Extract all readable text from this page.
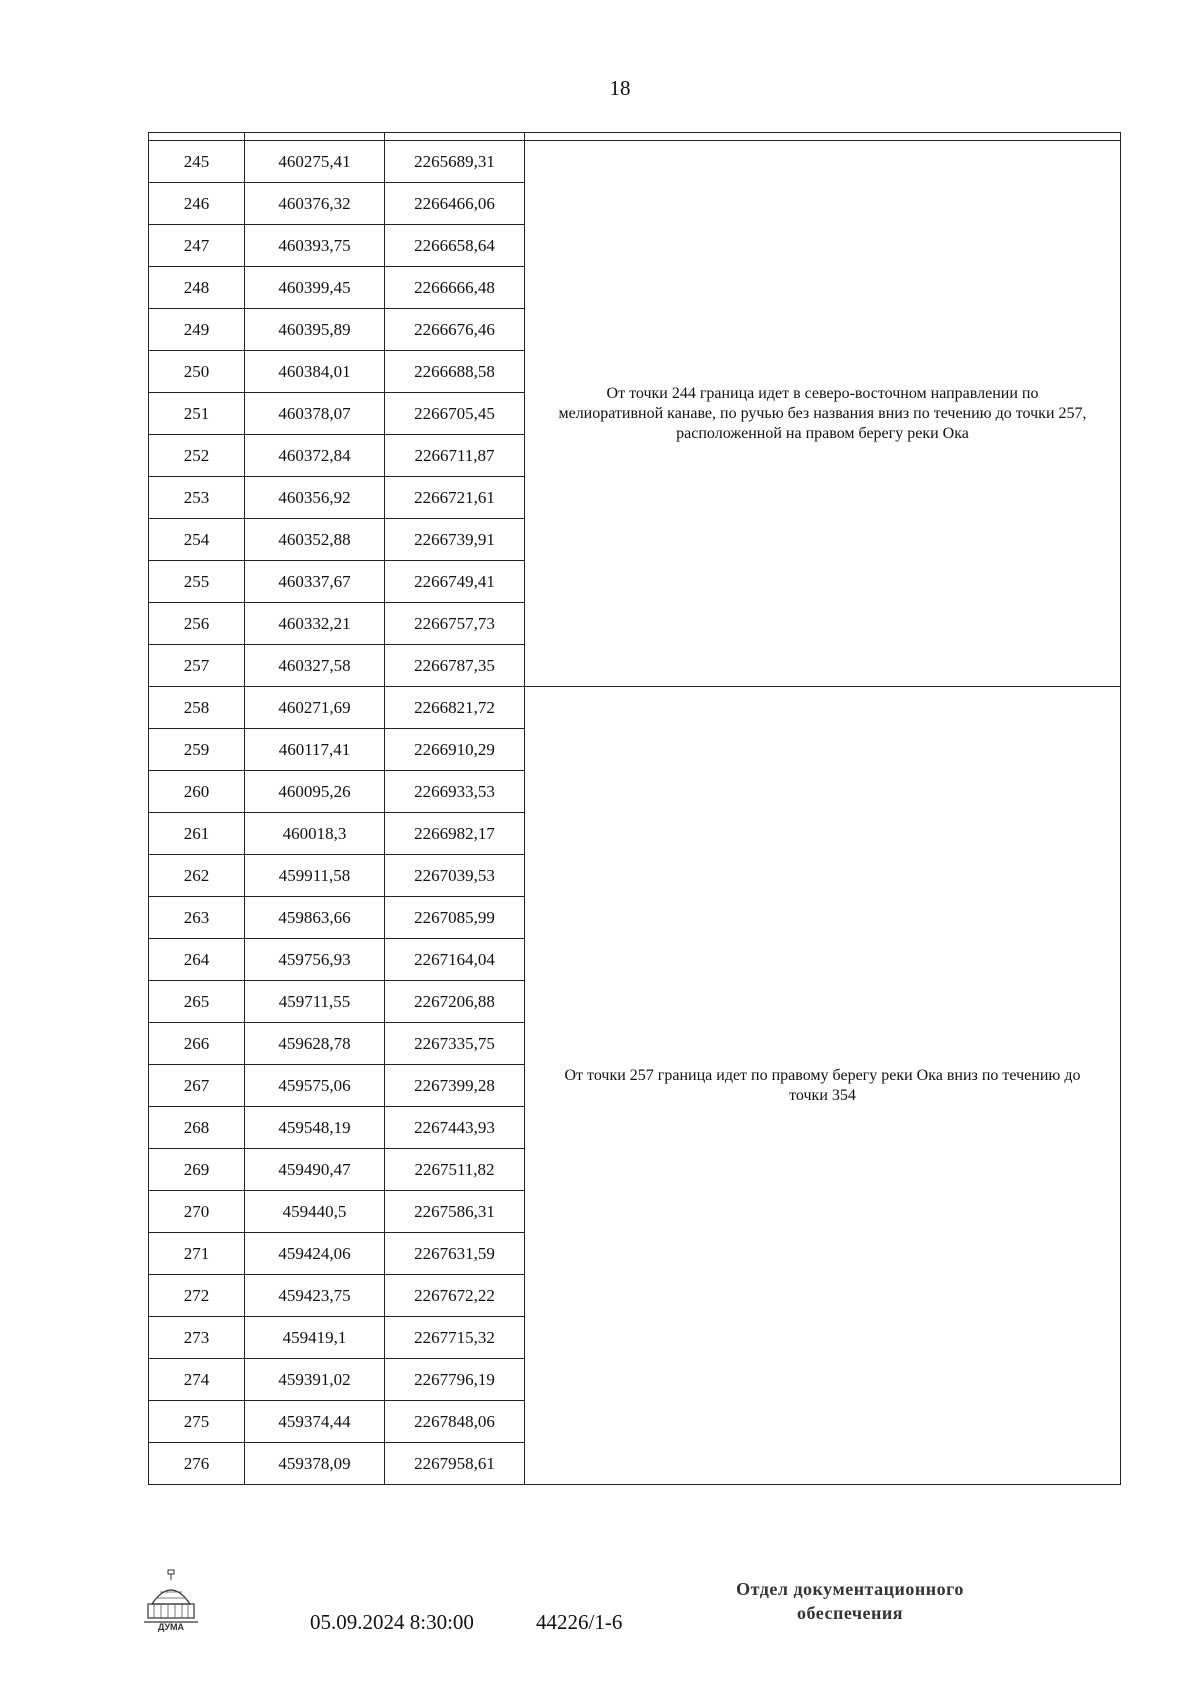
18

245	460275,41	2265689,31	От точки 244 граница идет в северо-восточном направлении по мелиоративной канаве, по ручью без названия вниз по течению до точки 257, расположенной на правом берегу реки Ока
246	460376,32	2266466,06	
247	460393,75	2266658,64	
248	460399,45	2266666,48	
249	460395,89	2266676,46	
250	460384,01	2266688,58	
251	460378,07	2266705,45	
252	460372,84	2266711,87	
253	460356,92	2266721,61	
254	460352,88	2266739,91	
255	460337,67	2266749,41	
256	460332,21	2266757,73	
257	460327,58	2266787,35	
258	460271,69	2266821,72	От точки 257 граница идет по правому берегу реки Ока вниз по течению до точки 354
259	460117,41	2266910,29	
260	460095,26	2266933,53	
261	460018,3	2266982,17	
262	459911,58	2267039,53	
263	459863,66	2267085,99	
264	459756,93	2267164,04	
265	459711,55	2267206,88	
266	459628,78	2267335,75	
267	459575,06	2267399,28	
268	459548,19	2267443,93	
269	459490,47	2267511,82	
270	459440,5	2267586,31	
271	459424,06	2267631,59	
272	459423,75	2267672,22	
273	459419,1	2267715,32	
274	459391,02	2267796,19	
275	459374,44	2267848,06	
276	459378,09	2267958,61	
ДУМА	05.09.2024 8:30:00	44226/1-6
Отдел документационного
обеспечения
